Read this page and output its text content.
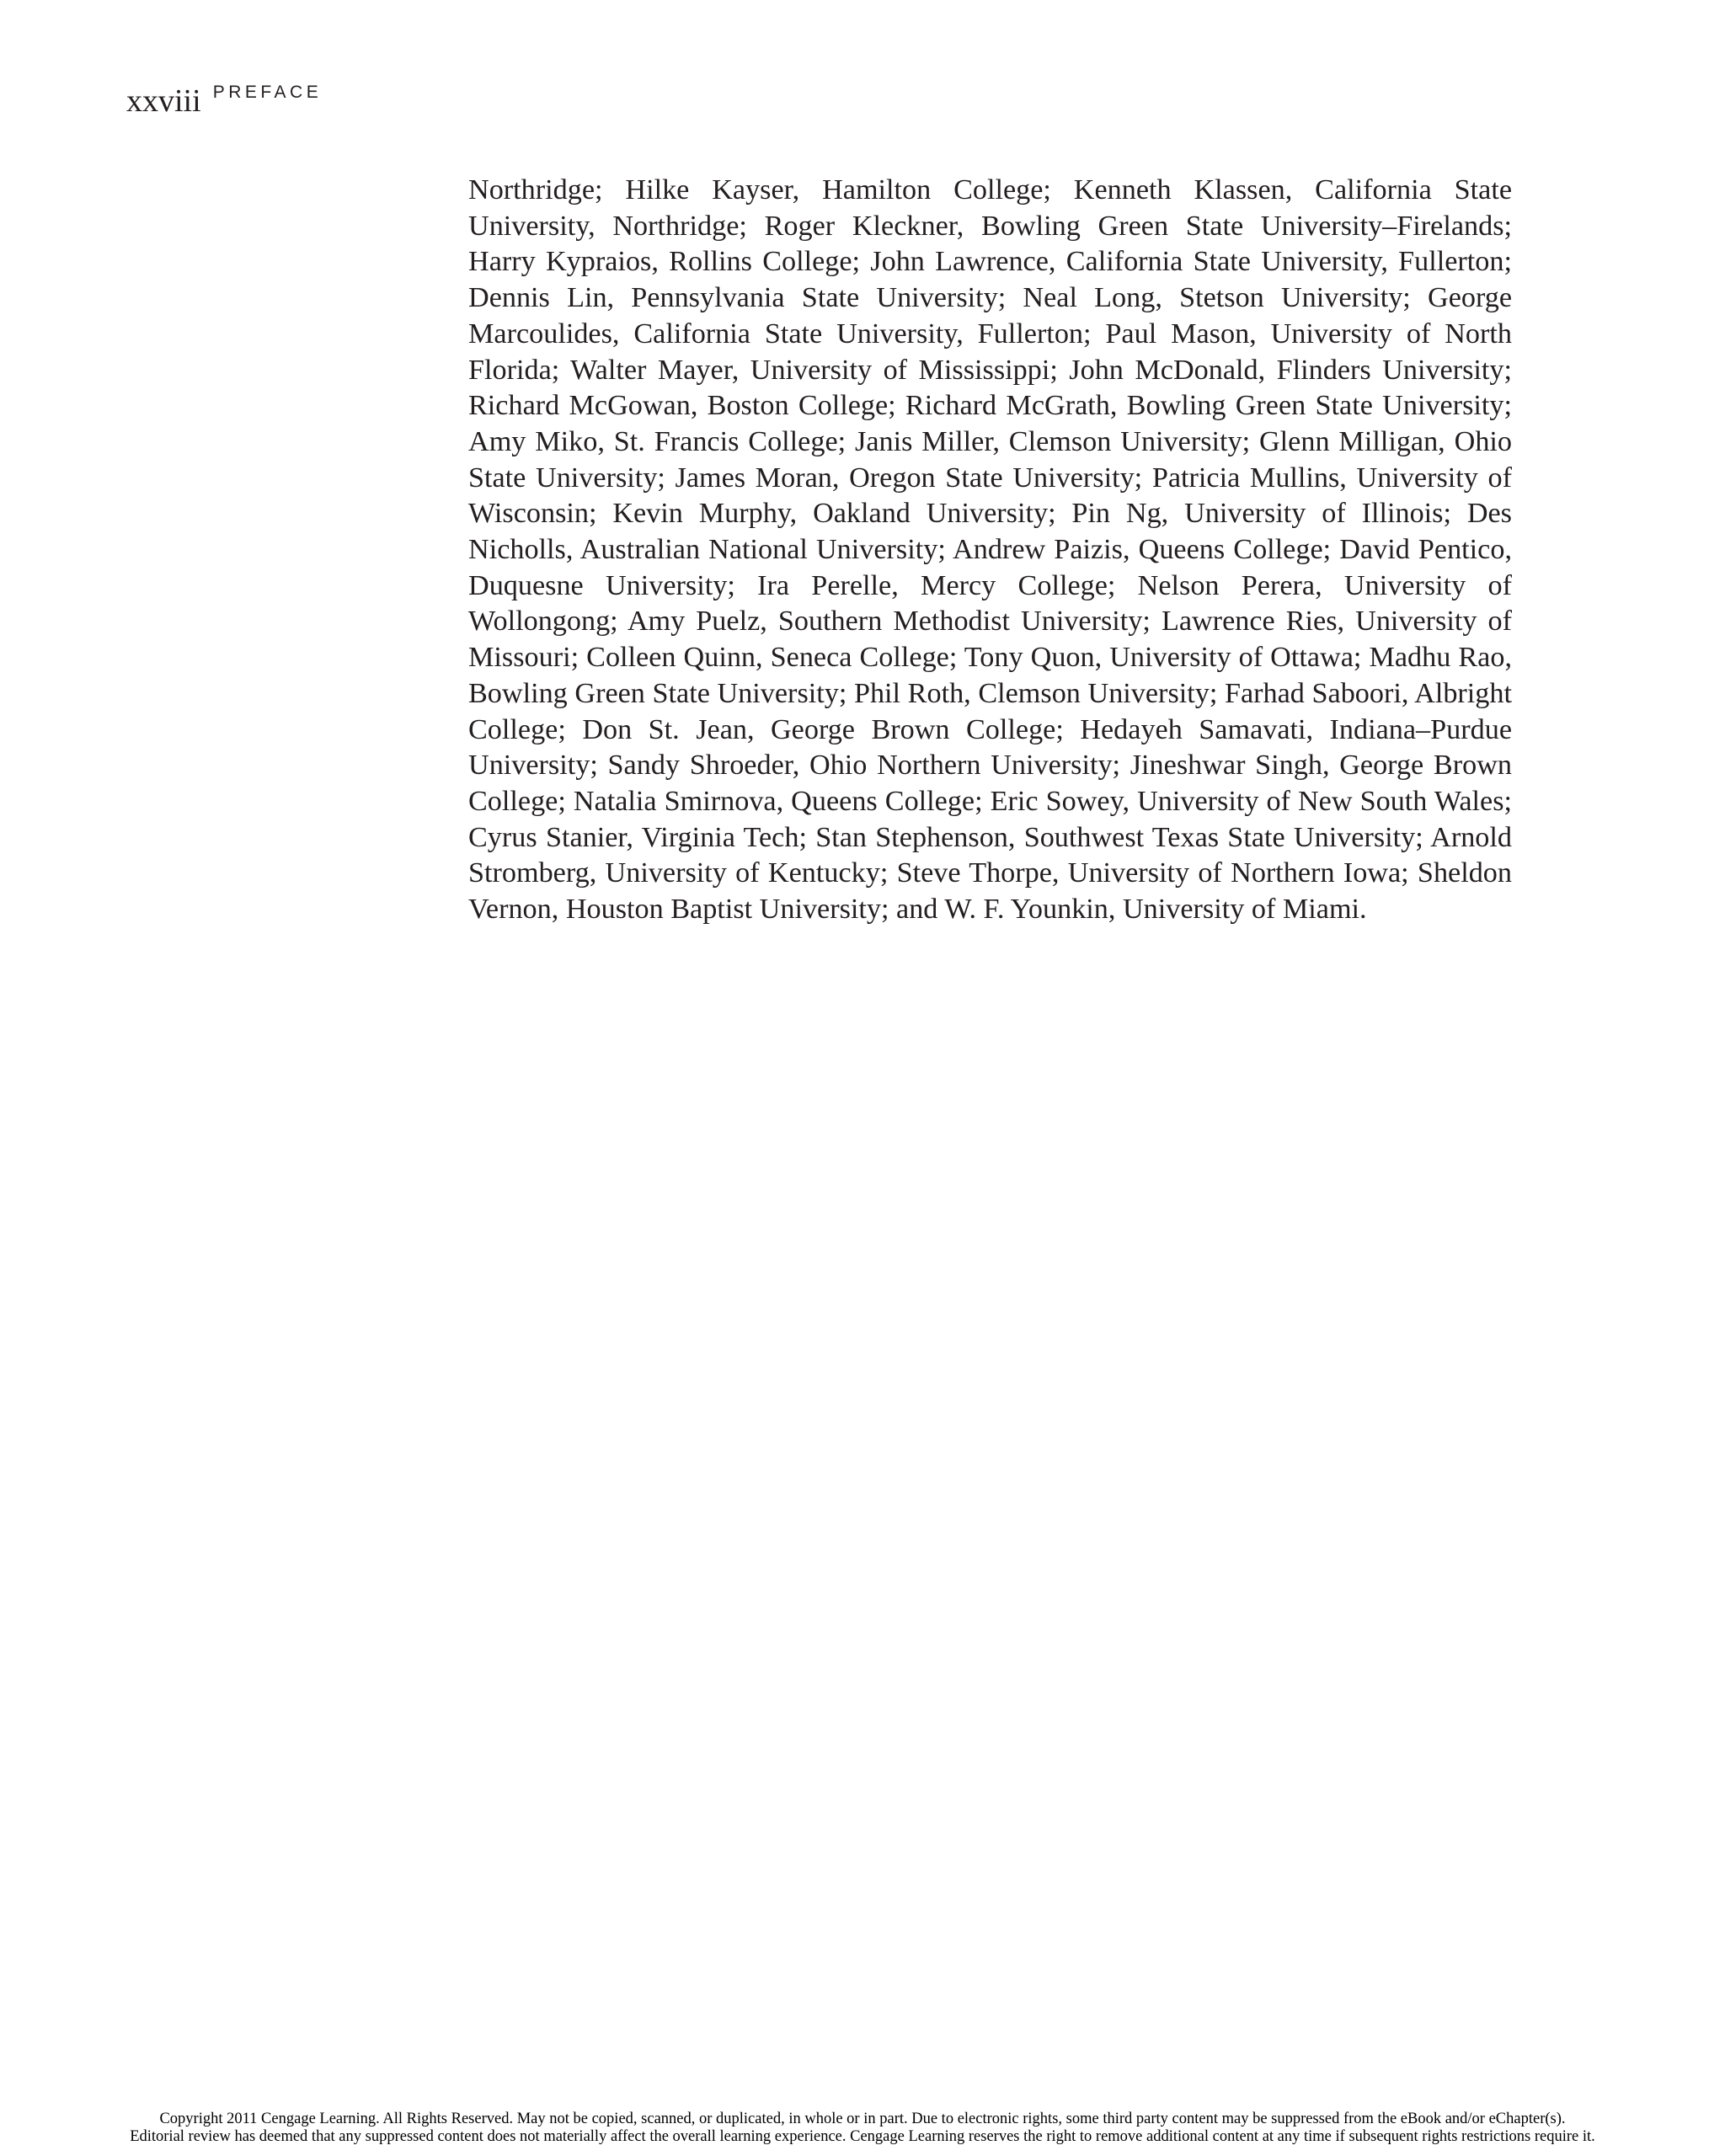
xxviii PREFACE

Northridge; Hilke Kayser, Hamilton College; Kenneth Klassen, California State University, Northridge; Roger Kleckner, Bowling Green State University–Firelands; Harry Kypraios, Rollins College; John Lawrence, California State University, Fullerton; Dennis Lin, Pennsylvania State University; Neal Long, Stetson University; George Marcoulides, California State University, Fullerton; Paul Mason, University of North Florida; Walter Mayer, University of Mississippi; John McDonald, Flinders University; Richard McGowan, Boston College; Richard McGrath, Bowling Green State University; Amy Miko, St. Francis College; Janis Miller, Clemson University; Glenn Milligan, Ohio State University; James Moran, Oregon State University; Patricia Mullins, University of Wisconsin; Kevin Murphy, Oakland University; Pin Ng, University of Illinois; Des Nicholls, Australian National University; Andrew Paizis, Queens College; David Pentico, Duquesne University; Ira Perelle, Mercy College; Nelson Perera, University of Wollongong; Amy Puelz, Southern Methodist University; Lawrence Ries, University of Missouri; Colleen Quinn, Seneca College; Tony Quon, University of Ottawa; Madhu Rao, Bowling Green State University; Phil Roth, Clemson University; Farhad Saboori, Albright College; Don St. Jean, George Brown College; Hedayeh Samavati, Indiana–Purdue University; Sandy Shroeder, Ohio Northern University; Jineshwar Singh, George Brown College; Natalia Smirnova, Queens College; Eric Sowey, University of New South Wales; Cyrus Stanier, Virginia Tech; Stan Stephenson, Southwest Texas State University; Arnold Stromberg, University of Kentucky; Steve Thorpe, University of Northern Iowa; Sheldon Vernon, Houston Baptist University; and W. F. Younkin, University of Miami.

Copyright 2011 Cengage Learning. All Rights Reserved. May not be copied, scanned, or duplicated, in whole or in part. Due to electronic rights, some third party content may be suppressed from the eBook and/or eChapter(s).
Editorial review has deemed that any suppressed content does not materially affect the overall learning experience. Cengage Learning reserves the right to remove additional content at any time if subsequent rights restrictions require it.
